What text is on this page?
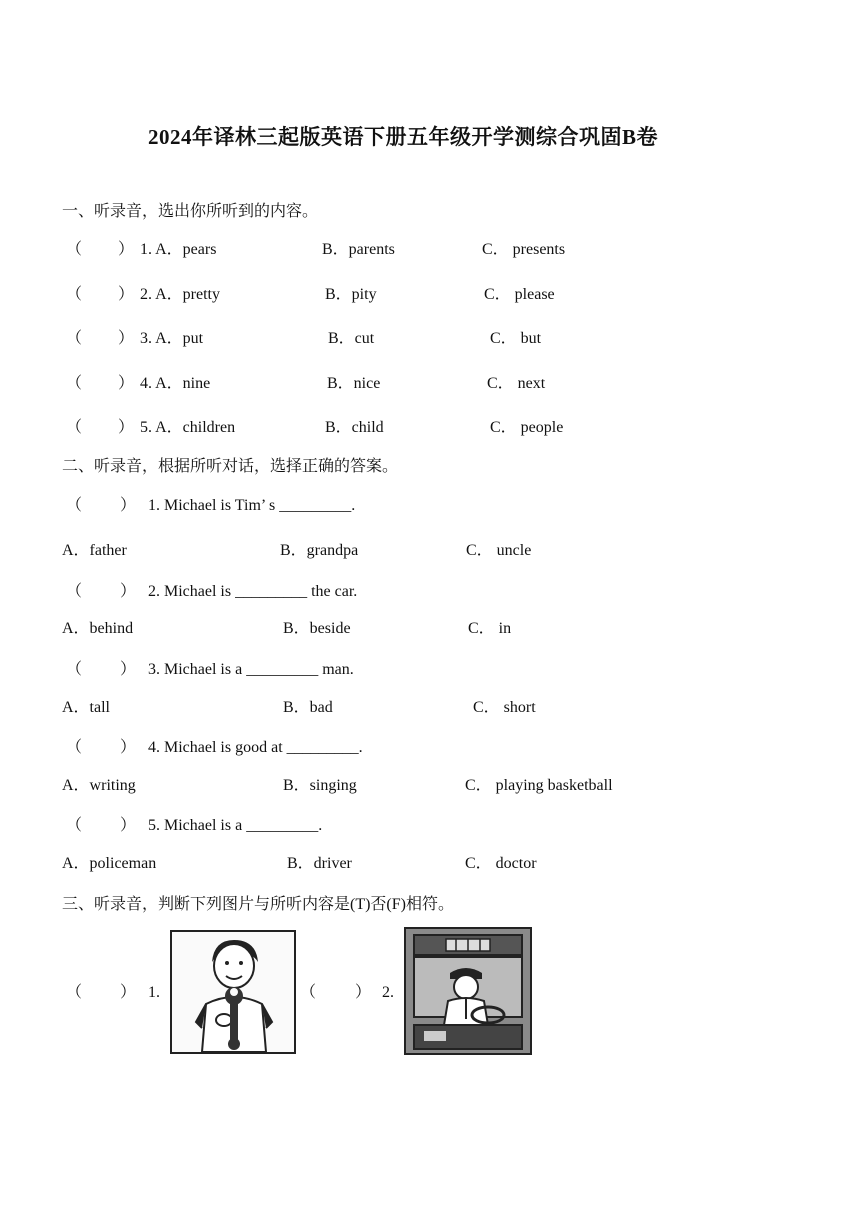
2024年译林三起版英语下册五年级开学测综合巩固B卷
一、听录音，选出你所听到的内容。
（ ） 1. A．pears	B．parents	C． presents
（ ） 2. A．pretty	B．pity	C． please
（ ） 3. A．put	B．cut	C． but
（ ） 4. A．nine	B．nice	C． next
（ ） 5. A．children	B．child	C． people
二、听录音，根据所听对话，选择正确的答案。
（ ） 1. Michael is Tim’ s _________.
A．father	B．grandpa	C． uncle
（ ） 2. Michael is _________ the car.
A．behind	B．beside	C． in
（ ） 3. Michael is a _________ man.
A．tall	B．bad	C． short
（ ） 4. Michael is good at _________.
A．writing	B．singing	C． playing basketball
（ ） 5. Michael is a _________.
A．policeman	B．driver	C． doctor
三、听录音，判断下列图片与所听内容是(T)否(F)相符。
（ ） 1.	（ ） 2.
